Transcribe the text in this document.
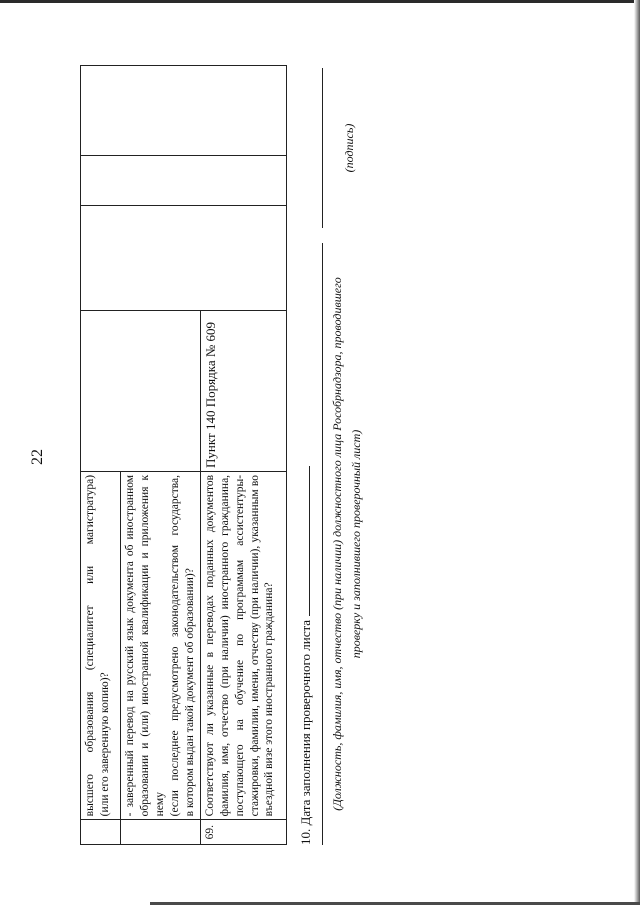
22

	высшего образования (специалитет или магистратура) (или его заверенную копию)?				

	- заверенный перевод на русский язык документа об иностранном образовании и (или) иностранной квалификации и приложения к нему (если последнее предусмотрено законодательством государства, в котором выдан такой документ об образовании)?				

69.	Соответствуют ли указанные в переводах поданных документов фамилия, имя, отчество (при наличии) иностранного гражданина, поступающего на обучение по программам ассистентуры- стажировки, фамилии, имени, отчеству (при наличии), указанным во въездной визе этого иностранного гражданина?	Пункт 140 Порядка № 609			
10. Дата заполнения проверочного листа (Должность, фамилия, имя, отчество (при наличии) должностного лица Рособрнадзора, проводившего проверку и заполнившего проверочный лист)
(подпись)
